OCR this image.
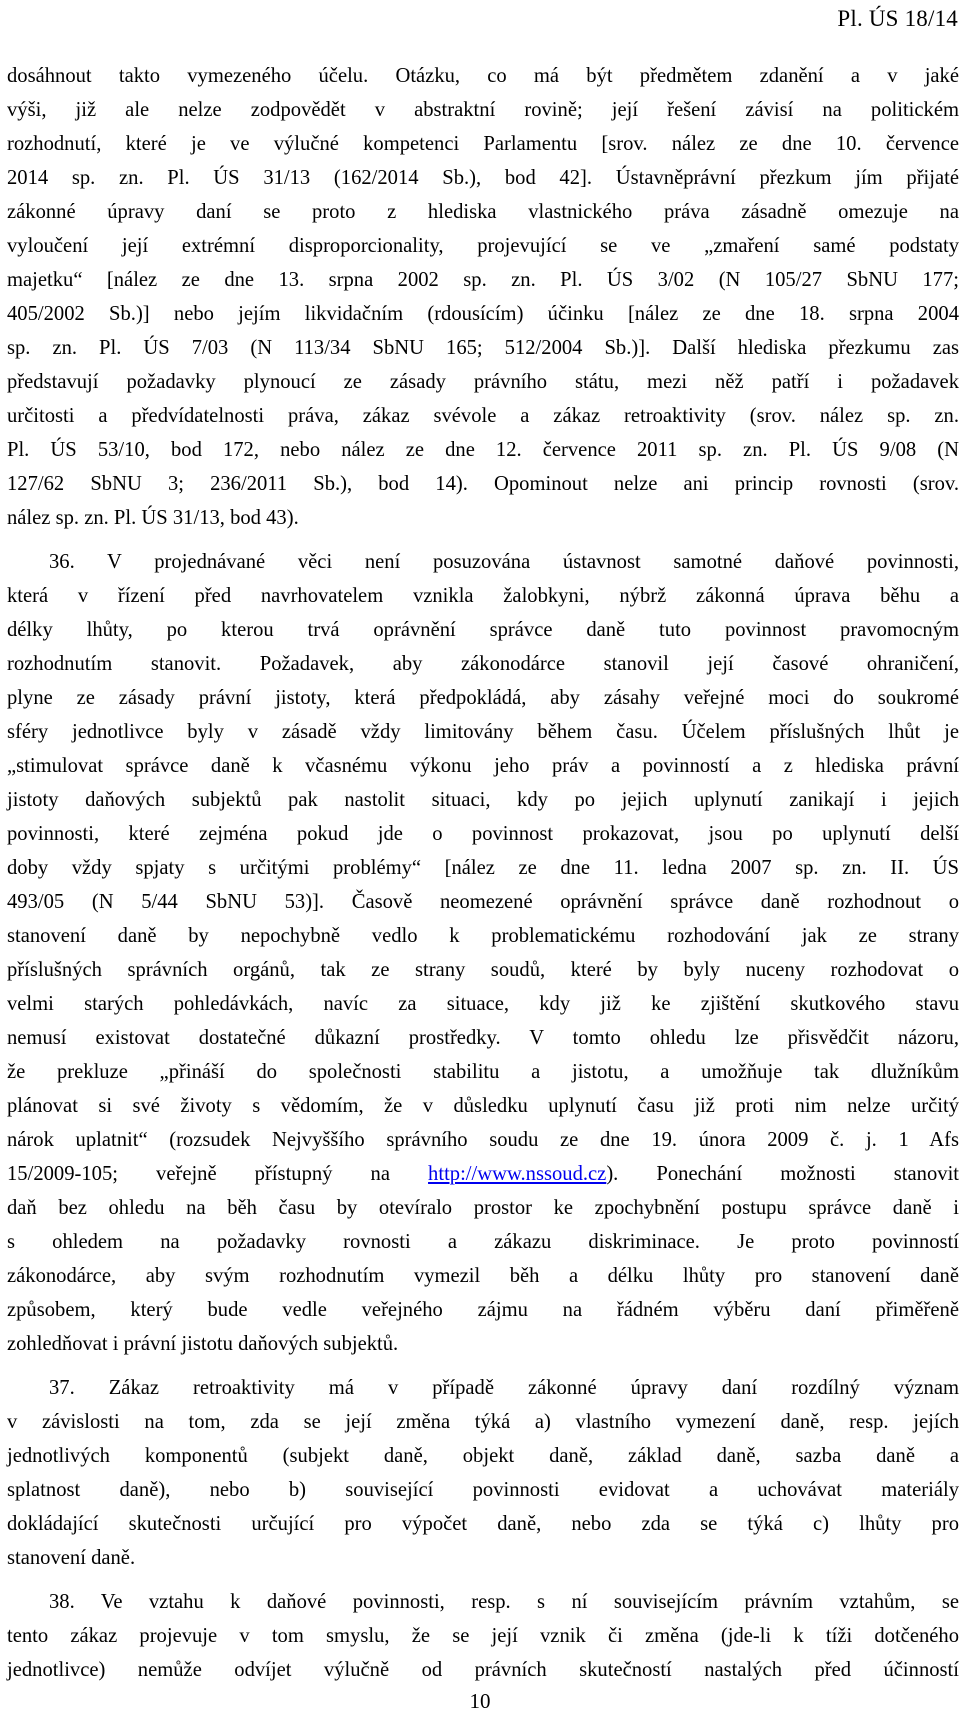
Pl. ÚS 18/14
dosáhnout takto vymezeného účelu. Otázku, co má být předmětem zdanění a v jaké
výši, již ale nelze zodpovědět v abstraktní rovině; její řešení závisí na politickém
rozhodnutí, které je ve výlučné kompetenci Parlamentu [srov. nález ze dne 10. července
2014 sp. zn. Pl. ÚS 31/13 (162/2014 Sb.), bod 42]. Ústavněprávní přezkum jím přijaté
zákonné úpravy daní se proto z hlediska vlastnického práva zásadně omezuje na
vyloučení její extrémní disproporcionality, projevující se ve „zmaření samé podstaty
majetku“ [nález ze dne 13. srpna 2002 sp. zn. Pl. ÚS 3/02 (N 105/27 SbNU 177;
405/2002 Sb.)] nebo jejím likvidačním (rdousícím) účinku [nález ze dne 18. srpna 2004
sp. zn. Pl. ÚS 7/03 (N 113/34 SbNU 165; 512/2004 Sb.)]. Další hlediska přezkumu zas
představují požadavky plynoucí ze zásady právního státu, mezi něž patří i požadavek
určitosti a předvídatelnosti práva, zákaz svévole a zákaz retroaktivity (srov. nález sp. zn.
Pl. ÚS 53/10, bod 172, nebo nález ze dne 12. července 2011 sp. zn. Pl. ÚS 9/08 (N
127/62 SbNU 3; 236/2011 Sb.), bod 14). Opominout nelze ani princip rovnosti (srov.
nález sp. zn. Pl. ÚS 31/13, bod 43).
36. V projednávané věci není posuzována ústavnost samotné daňové povinnosti,
která v řízení před navrhovatelem vznikla žalobkyni, nýbrž zákonná úprava běhu a
délky lhůty, po kterou trvá oprávnění správce daně tuto povinnost pravomocným
rozhodnutím stanovit. Požadavek, aby zákonodárce stanovil její časové ohraničení,
plyne ze zásady právní jistoty, která předpokládá, aby zásahy veřejné moci do soukromé
sféry jednotlivce byly v zásadě vždy limitovány během času. Účelem příslušných lhůt je
„stimulovat správce daně k včasnému výkonu jeho práv a povinností a z hlediska právní
jistoty daňových subjektů pak nastolit situaci, kdy po jejich uplynutí zanikají i jejich
povinnosti, které zejména pokud jde o povinnost prokazovat, jsou po uplynutí delší
doby vždy spjaty s určitými problémy“ [nález ze dne 11. ledna 2007 sp. zn. II. ÚS
493/05 (N 5/44 SbNU 53)]. Časově neomezené oprávnění správce daně rozhodnout o
stanovení daně by nepochybně vedlo k problematickému rozhodování jak ze strany
příslušných správních orgánů, tak ze strany soudů, které by byly nuceny rozhodovat o
velmi starých pohledávkách, navíc za situace, kdy již ke zjištění skutkového stavu
nemusí existovat dostatečné důkazní prostředky. V tomto ohledu lze přisvědčit názoru,
že prekluze „přináší do společnosti stabilitu a jistotu, a umožňuje tak dlužníkům
plánovat si své životy s vědomím, že v důsledku uplynutí času již proti nim nelze určitý
nárok uplatnit“ (rozsudek Nejvyššího správního soudu ze dne 19. února 2009 č. j. 1 Afs
15/2009-105; veřejně přístupný na http://www.nssoud.cz). Ponechání možnosti stanovit
daň bez ohledu na běh času by otevíralo prostor ke zpochybnění postupu správce daně i
s ohledem na požadavky rovnosti a zákazu diskriminace. Je proto povinností
zákonodárce, aby svým rozhodnutím vymezil běh a délku lhůty pro stanovení daně
způsobem, který bude vedle veřejného zájmu na řádném výběru daní přiměřeně
zohledňovat i právní jistotu daňových subjektů.
37. Zákaz retroaktivity má v případě zákonné úpravy daní rozdílný význam
v závislosti na tom, zda se její změna týká a) vlastního vymezení daně, resp. jejích
jednotlivých komponentů (subjekt daně, objekt daně, základ daně, sazba daně a
splatnost daně), nebo b) související povinnosti evidovat a uchovávat materiály
dokládající skutečnosti určující pro výpočet daně, nebo zda se týká c) lhůty pro
stanovení daně.
38. Ve vztahu k daňové povinnosti, resp. s ní souvisejícím právním vztahům, se
tento zákaz projevuje v tom smyslu, že se její vznik či změna (jde-li k tíži dotčeného
jednotlivce) nemůže odvíjet výlučně od právních skutečností nastalých před účinností
10
